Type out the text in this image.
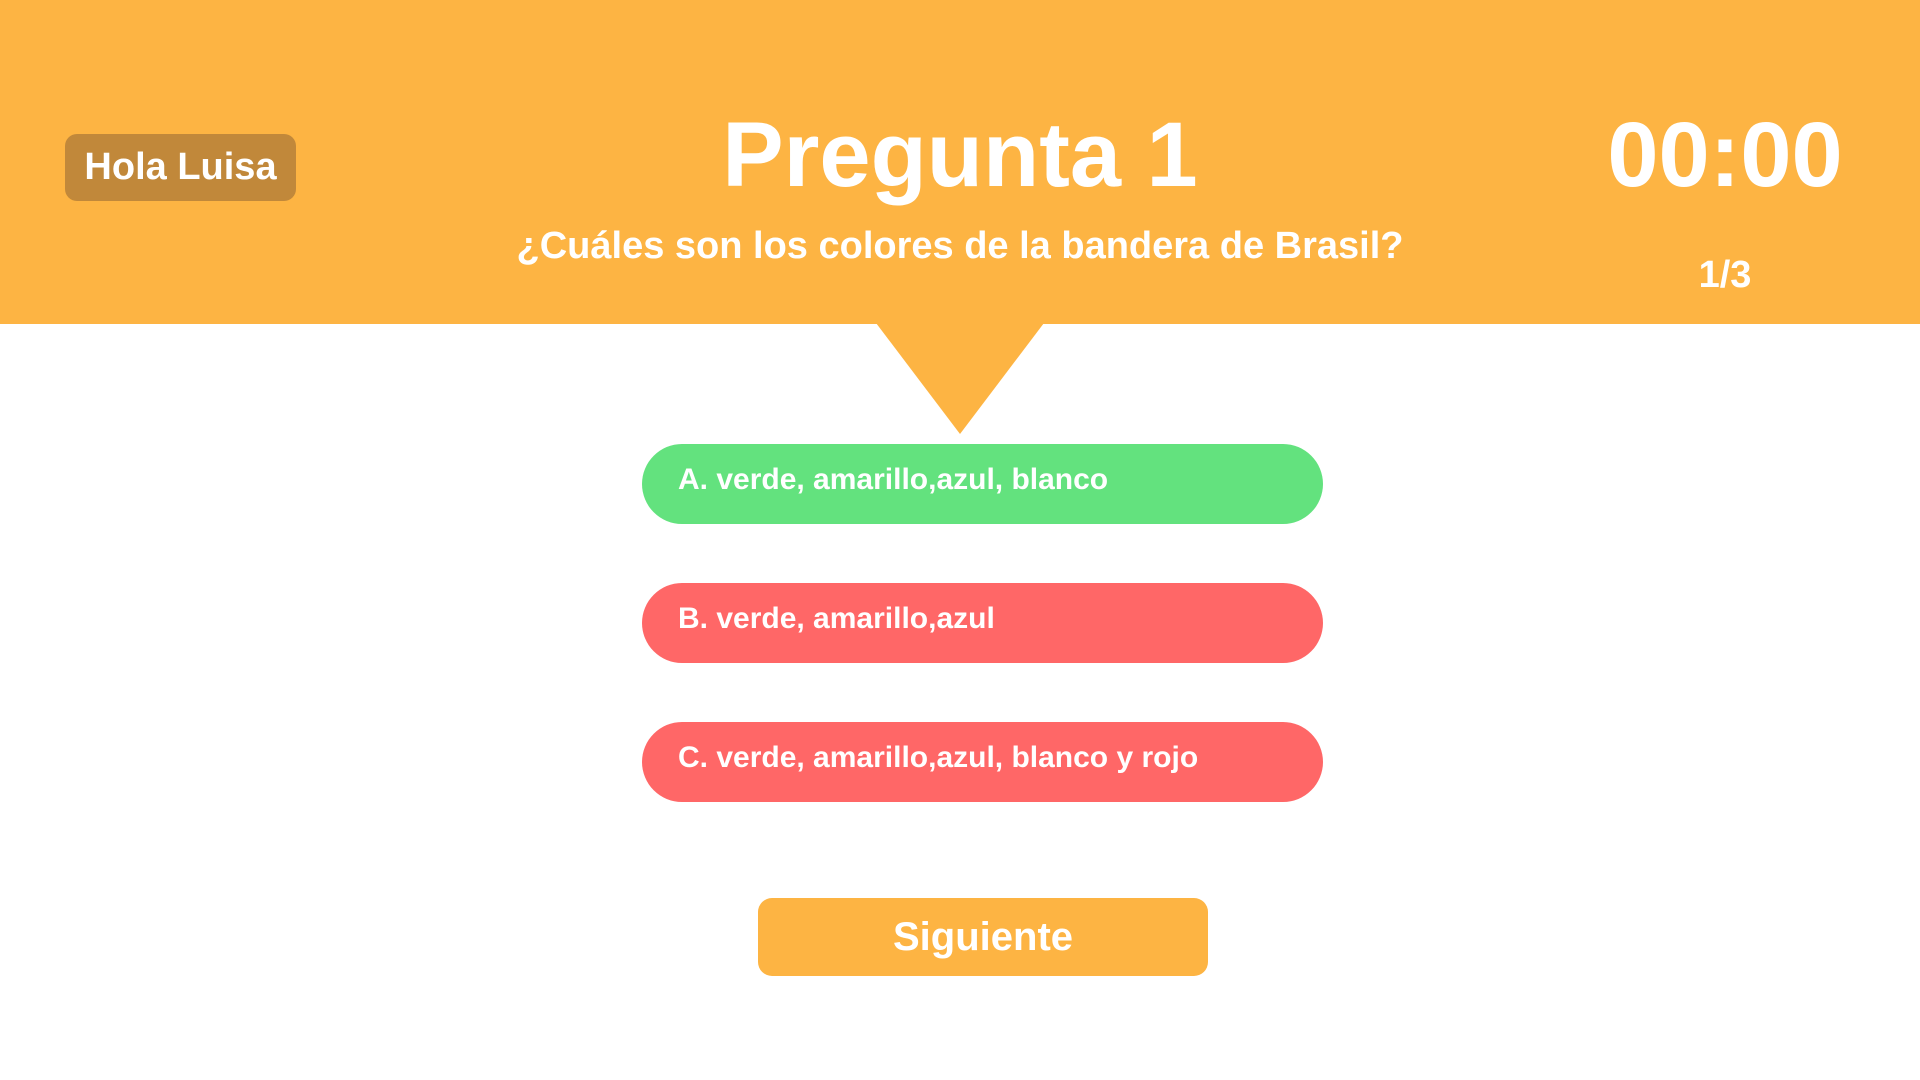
Hola Luisa	Pregunta 1
¿Cuáles son los colores de la bandera de Brasil?
00:00
1/3
A. verde, amarillo,azul, blanco
B. verde, amarillo,azul
C. verde, amarillo,azul, blanco y rojo
Siguiente
